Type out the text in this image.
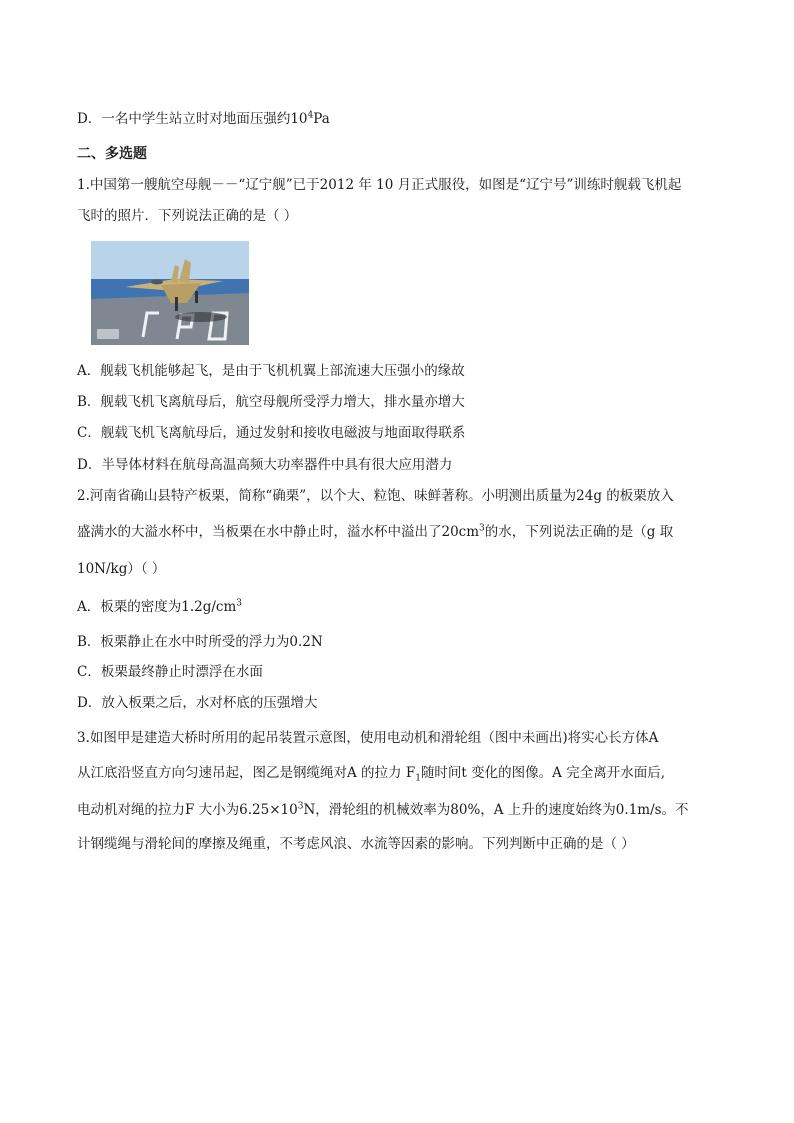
D．一名中学生站立时对地面压强约$10^4Pa$
二、多选题
1.中国第一艘航空母舰－－“辽宁舰”已于2012 年 10 月正式服役，如图是“辽宁号”训练时舰载飞机起
飞时的照片．下列说法正确的是（ ）
A．舰载飞机能够起飞，是由于飞机机翼上部流速大压强小的缘故
B．舰载飞机飞离航母后，航空母舰所受浮力增大，排水量亦增大
C．舰载飞机飞离航母后，通过发射和接收电磁波与地面取得联系
D．半导体材料在航母高温高频大功率器件中具有很大应用潜力
2.河南省确山县特产板栗，简称“确栗”，以个大、粒饱、味鲜著称。小明测出质量为24g 的板栗放入
盛满水的大溢水杯中，当板栗在水中静止时，溢水杯中溢出了$20cm^3$的水，下列说法正确的是（g 取
10N/kg）（ ）
A．板栗的密度为$1.2g/cm^3$
B．板栗静止在水中时所受的浮力为0.2N
C．板栗最终静止时漂浮在水面
D．放入板栗之后，水对杯底的压强增大
3.如图甲是建造大桥时所用的起吊装置示意图，使用电动机和滑轮组（图中未画出)将实心长方体A
从江底沿竖直方向匀速吊起，图乙是钢缆绳对A 的拉力 $F_1$随时间t 变化的图像。A 完全离开水面后,
电动机对绳的拉力F 大小为$6.25\times 10^3N$，滑轮组的机械效率为80%，A 上升的速度始终为0.1m/s。不
计钢缆绳与滑轮间的摩擦及绳重，不考虑风浪、水流等因素的影响。下列判断中正确的是（ ）
